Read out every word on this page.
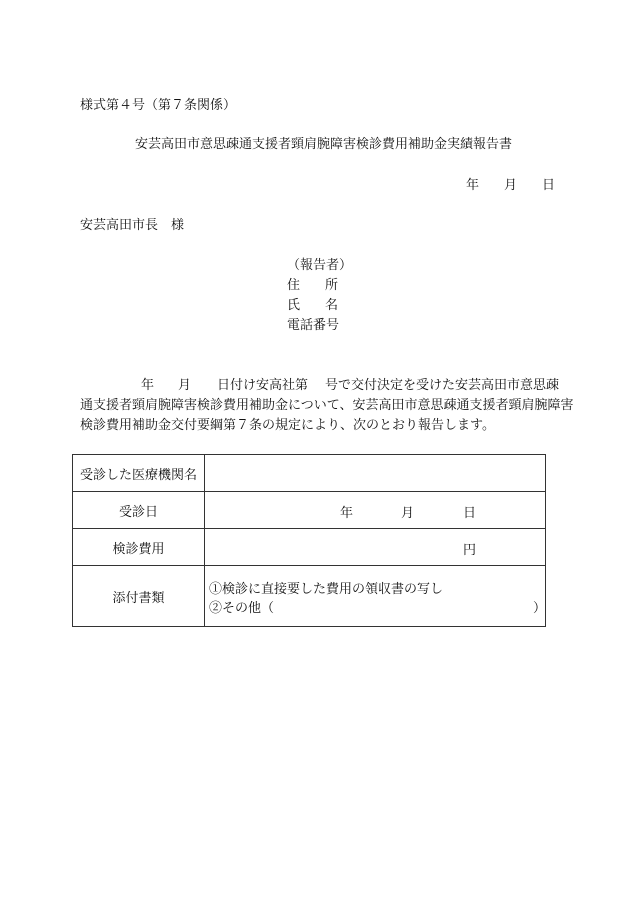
様式第４号（第７条関係）
安芸高田市意思疎通支援者頸肩腕障害検診費用補助金実績報告書
年 月 日
安芸高田市長　様
（報告者）
住 所
氏 名
電話番号
年 月 日付け安高社第 号で交付決定を受けた安芸高田市意思疎
通支援者頸肩腕障害検診費用補助金について、安芸高田市意思疎通支援者頸肩腕障害
検診費用補助金交付要綱第７条の規定により、次のとおり報告します。
受診した医療機関名	
受診日	年 月 日

検診費用	円

添付書類	①検診に直接要した費用の領収書の写し
②その他（ ）
